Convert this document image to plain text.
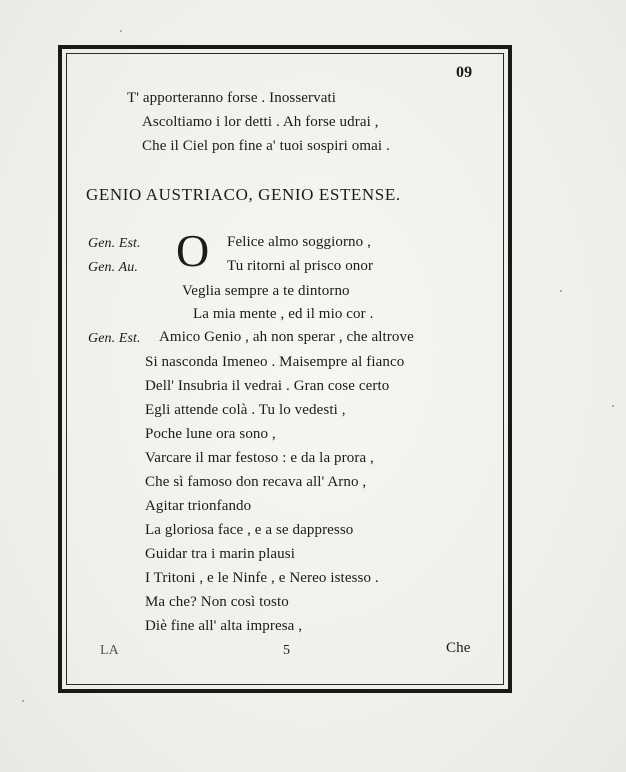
09
T' apporteranno forse . Inosservati
Ascoltiamo i lor detti . Ah forse udrai ,
Che il Ciel pon fine a' tuoi sospiri omai .
GENIO AUSTRIACO, GENIO ESTENSE.
Gen. Est.
Gen. Au. O Felice almo soggiorno ,
Tu ritorni al prisco onor
Veglia sempre a te dintorno
La mia mente , ed il mio cor .
Gen. Est. Amico Genio , ah non sperar , che altrove
Si nasconda Imeneo . Maisempre al fianco
Dell' Insubria il vedrai . Gran cose certo
Egli attende colà . Tu lo vedesti ,
Poche lune ora sono ,
Varcare il mar festoso : e da la prora ,
Che sì famoso don recava all' Arno ,
Agitar trionfando
La gloriosa face , e a se dappresso
Guidar tra i marin plausi
I Tritoni , e le Ninfe , e Nereo istesso .
Ma che? Non così tosto
Diè fine all' alta impresa ,
LA	5	Che
